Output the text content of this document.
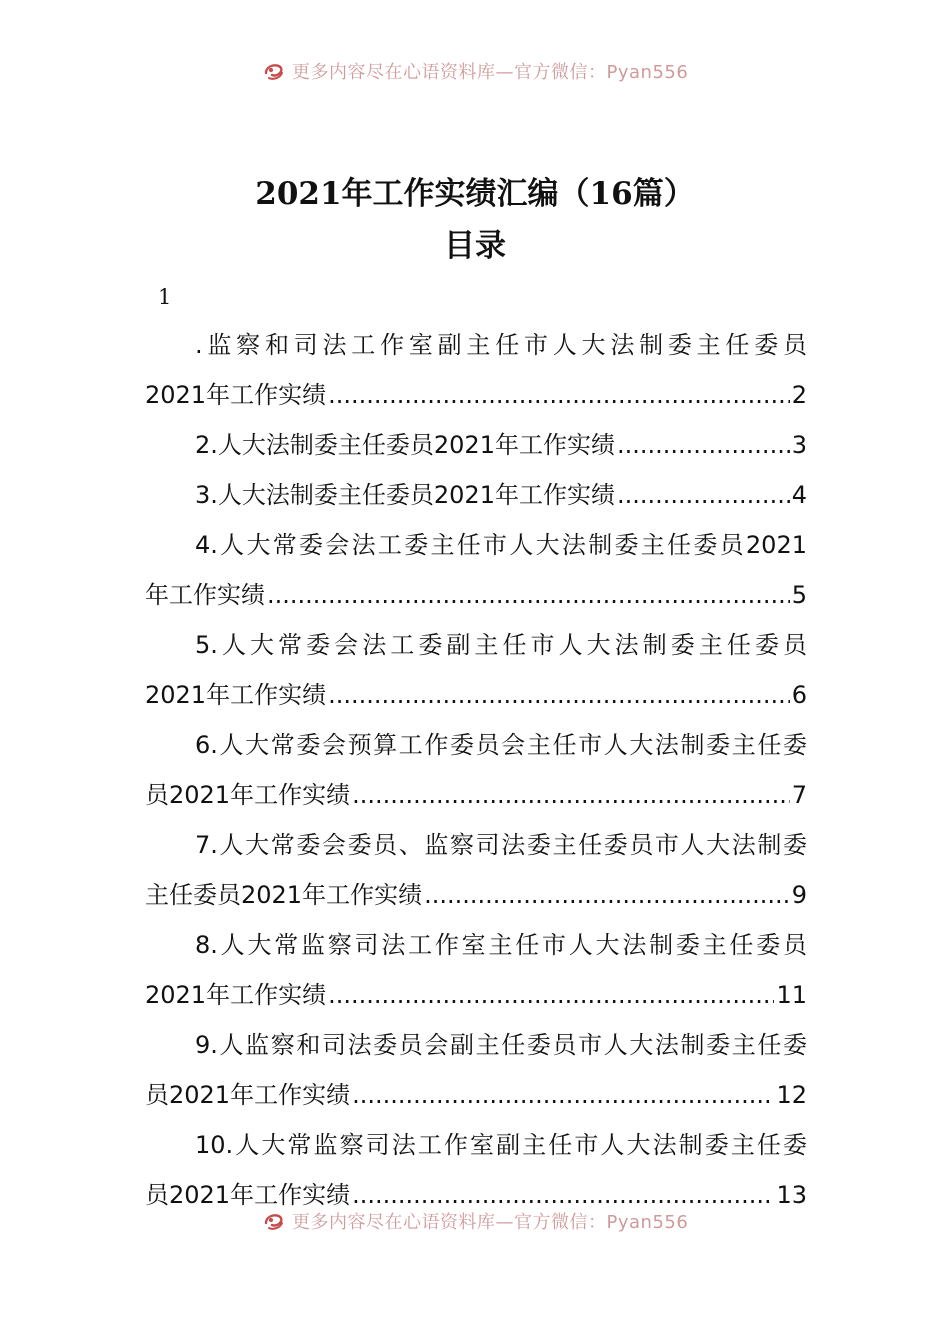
更多内容尽在心语资料库—官方微信：Pyan556
2021年工作实绩汇编（16篇）
目录
1
.监察和司法工作室副主任市人大法制委主任委员
2021年工作实绩 .....	2
2.人大法制委主任委员2021年工作实绩 .....	3
3.人大法制委主任委员2021年工作实绩 .....	4
4.人大常委会法工委主任市人大法制委主任委员2021
年工作实绩 .....	5
5.人大常委会法工委副主任市人大法制委主任委员
2021年工作实绩 .....	6
6.人大常委会预算工作委员会主任市人大法制委主任委
员2021年工作实绩 .....	7
7.人大常委会委员、监察司法委主任委员市人大法制委
主任委员2021年工作实绩 .....	9
8.人大常监察司法工作室主任市人大法制委主任委员
2021年工作实绩 .....	11
9.人监察和司法委员会副主任委员市人大法制委主任委
员2021年工作实绩 .....	12
10.人大常监察司法工作室副主任市人大法制委主任委
员2021年工作实绩 .....	13
更多内容尽在心语资料库—官方微信：Pyan556
